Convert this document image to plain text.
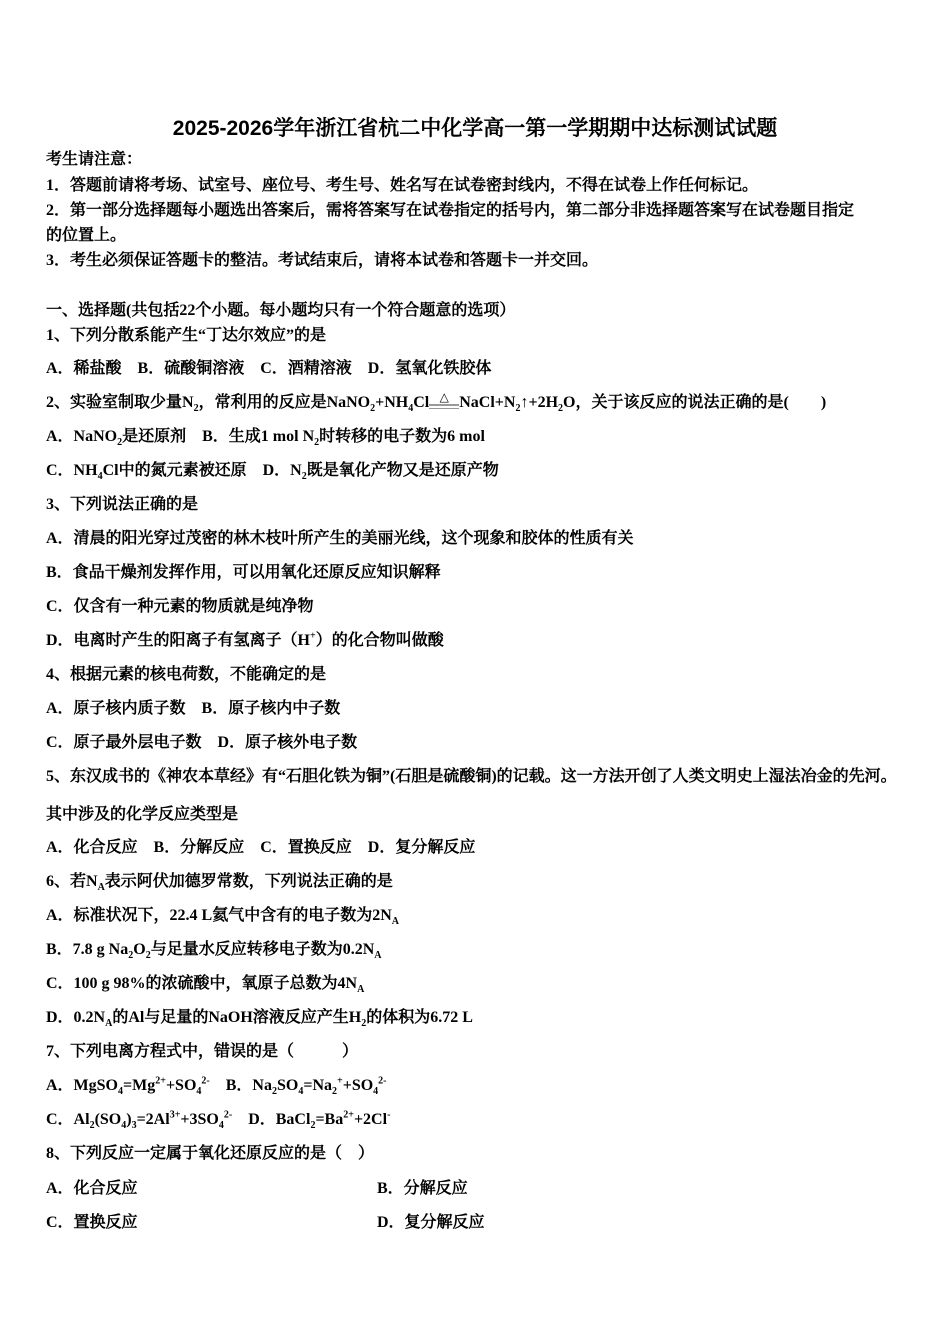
2025-2026学年浙江省杭二中化学高一第一学期期中达标测试试题
考生请注意：
1．答题前请将考场、试室号、座位号、考生号、姓名写在试卷密封线内，不得在试卷上作任何标记。
2．第一部分选择题每小题选出答案后，需将答案写在试卷指定的括号内，第二部分非选择题答案写在试卷题目指定
的位置上。
3．考生必须保证答题卡的整洁。考试结束后，请将本试卷和答题卡一并交回。
一、选择题(共包括22个小题。每小题均只有一个符合题意的选项）
1、下列分散系能产生“丁达尔效应”的是
A．稀盐酸　B．硫酸铜溶液　C．酒精溶液　D．氢氧化铁胶体
2、实验室制取少量$N_2$，常利用的反应是$NaNO_2+NH_4Cl$ △ $NaCl+N_2↑+2H_2O$，关于该反应的说法正确的是(　　)
A．NaNO$_2$是还原剂　B．生成1 mol $N_2$时转移的电子数为6 mol
C．$NH_4Cl$中的氮元素被还原　D．$N_2$既是氧化产物又是还原产物
3、下列说法正确的是
A．清晨的阳光穿过茂密的林木枝叶所产生的美丽光线，这个现象和胶体的性质有关
B．食品干燥剂发挥作用，可以用氧化还原反应知识解释
C．仅含有一种元素的物质就是纯净物
D．电离时产生的阳离子有氢离子（H+）的化合物叫做酸
4、根据元素的核电荷数，不能确定的是
A．原子核内质子数　B．原子核内中子数
C．原子最外层电子数　D．原子核外电子数
5、东汉成书的《神农本草经》有“石胆化铁为铜”(石胆是硫酸铜)的记载。这一方法开创了人类文明史上湿法冶金的先河。
其中涉及的化学反应类型是
A．化合反应　B．分解反应　C．置换反应　D．复分解反应
6、若$N_A$表示阿伏加德罗常数，下列说法正确的是
A．标准状况下，22.4 L氦气中含有的电子数为$2N_A$
B．7.8 g $Na_2O_2$与足量水反应转移电子数为$0.2N_A$
C．100 g 98%的浓硫酸中，氧原子总数为$4N_A$
D．$0.2N_A$的Al与足量的NaOH溶液反应产生$H_2$的体积为6.72 L
7、下列电离方程式中，错误的是（　　　）
A．$MgSO_4=Mg^{2+}+SO_4^{2-}$　B．$Na_2SO_4=Na_2^++SO_4^{2-}$
C．$Al_2(SO_4)_3=2Al^{3+}+3SO_4^{2-}$　D．$BaCl_2=Ba^{2+}+2Cl^-$
8、下列反应一定属于氧化还原反应的是（　）
A．化合反应	B．分解反应
C．置换反应	D．复分解反应
